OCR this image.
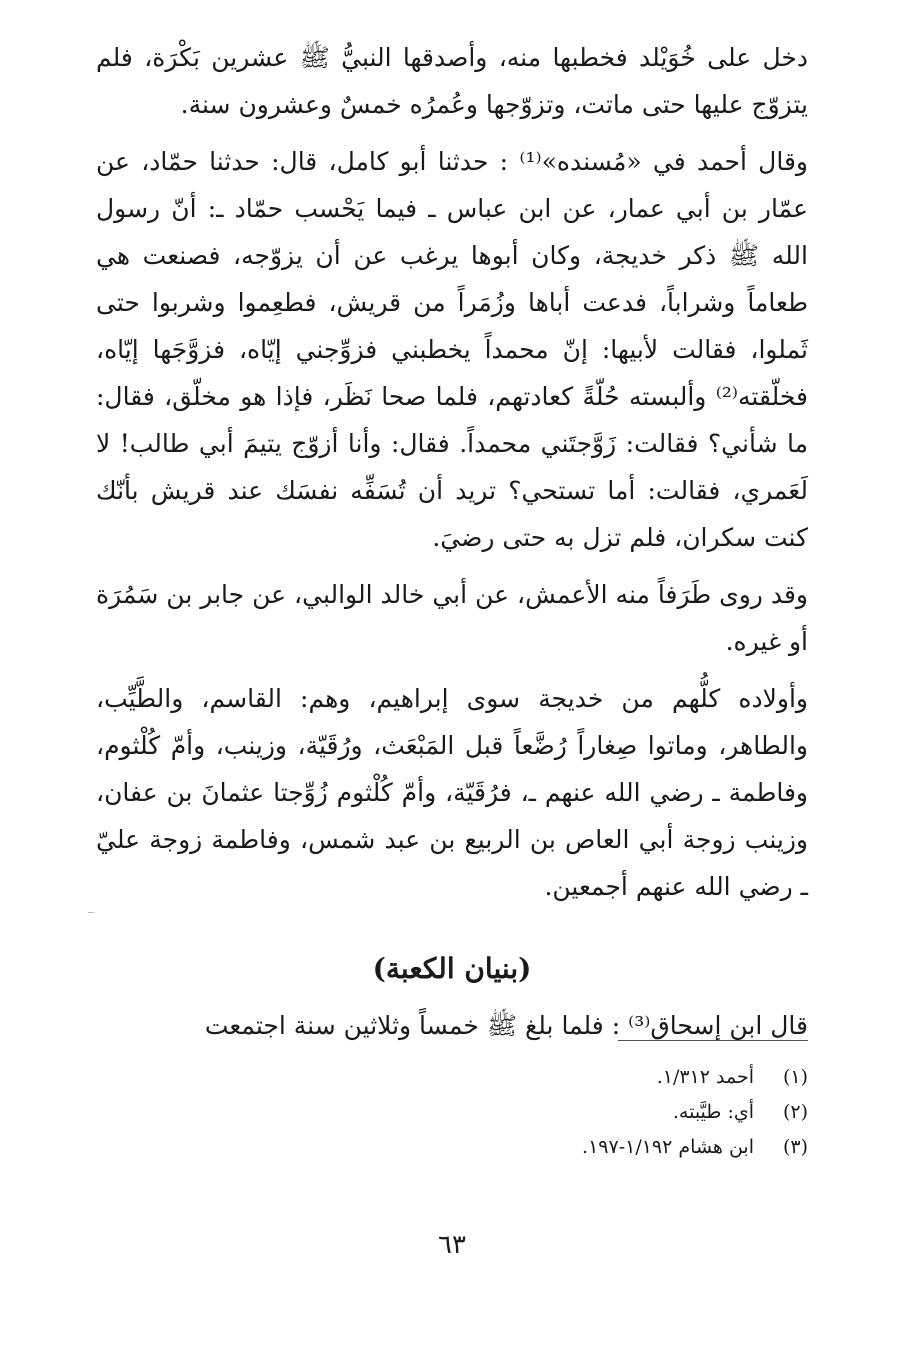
دخل على خُوَيْلد فخطبها منه، وأصدقها النبيُّ ﷺ عشرين بَكْرَة، فلم يتزوّج عليها حتى ماتت، وتزوّجها وعُمرُه خمسٌ وعشرون سنة.

وقال أحمد في «مُسنده»⁽¹⁾ : حدثنا أبو كامل، قال: حدثنا حمّاد، عن عمّار بن أبي عمار، عن ابن عباس ـ فيما يَحْسب حمّاد ـ: أنّ رسول الله ﷺ ذكر خديجة، وكان أبوها يرغب عن أن يزوّجه، فصنعت هي طعاماً وشراباً، فدعت أباها وزُمَراً من قريش، فطعِموا وشربوا حتى ثَملوا، فقالت لأبيها: إنّ محمداً يخطبني فزوِّجني إيّاه، فزوَّجَها إيّاه، فخلّقته⁽²⁾ وألبسته حُلّةً كعادتهم، فلما صحا نَظَر، فإذا هو مخلّق، فقال: ما شأني؟ فقالت: زَوَّجتَني محمداً. فقال: وأنا أزوّج يتيمَ أبي طالب! لا لَعَمري، فقالت: أما تستحي؟ تريد أن تُسَفِّه نفسَك عند قريش بأنّك كنت سكران، فلم تزل به حتى رضيَ.

وقد روى طَرَفاً منه الأعمش، عن أبي خالد الوالبي، عن جابر بن سَمُرَة أو غيره.

وأولاده كلُّهم من خديجة سوى إبراهيم، وهم: القاسم، والطَّيِّب، والطاهر، وماتوا صِغاراً رُضَّعاً قبل المَبْعَث، ورُقَيّة، وزينب، وأمّ كُلْثوم، وفاطمة ـ رضي الله عنهم ـ، فرُقَيّة، وأمّ كُلْثوم زُوِّجتا عثمانَ بن عفان، وزينب زوجة أبي العاص بن الربيع بن عبد شمس، وفاطمة زوجة عليّ ـ رضي الله عنهم أجمعين.

(بنيان الكعبة)

قال ابن إسحاق⁽³⁾ : فلما بلغ ﷺ خمساً وثلاثين سنة اجتمعت

(١)
أحمد ١/٣١٢.
(٢)
أي: طيَّبته.
(٣)
ابن هشام ١/١٩٢-١٩٧.
٦٣
